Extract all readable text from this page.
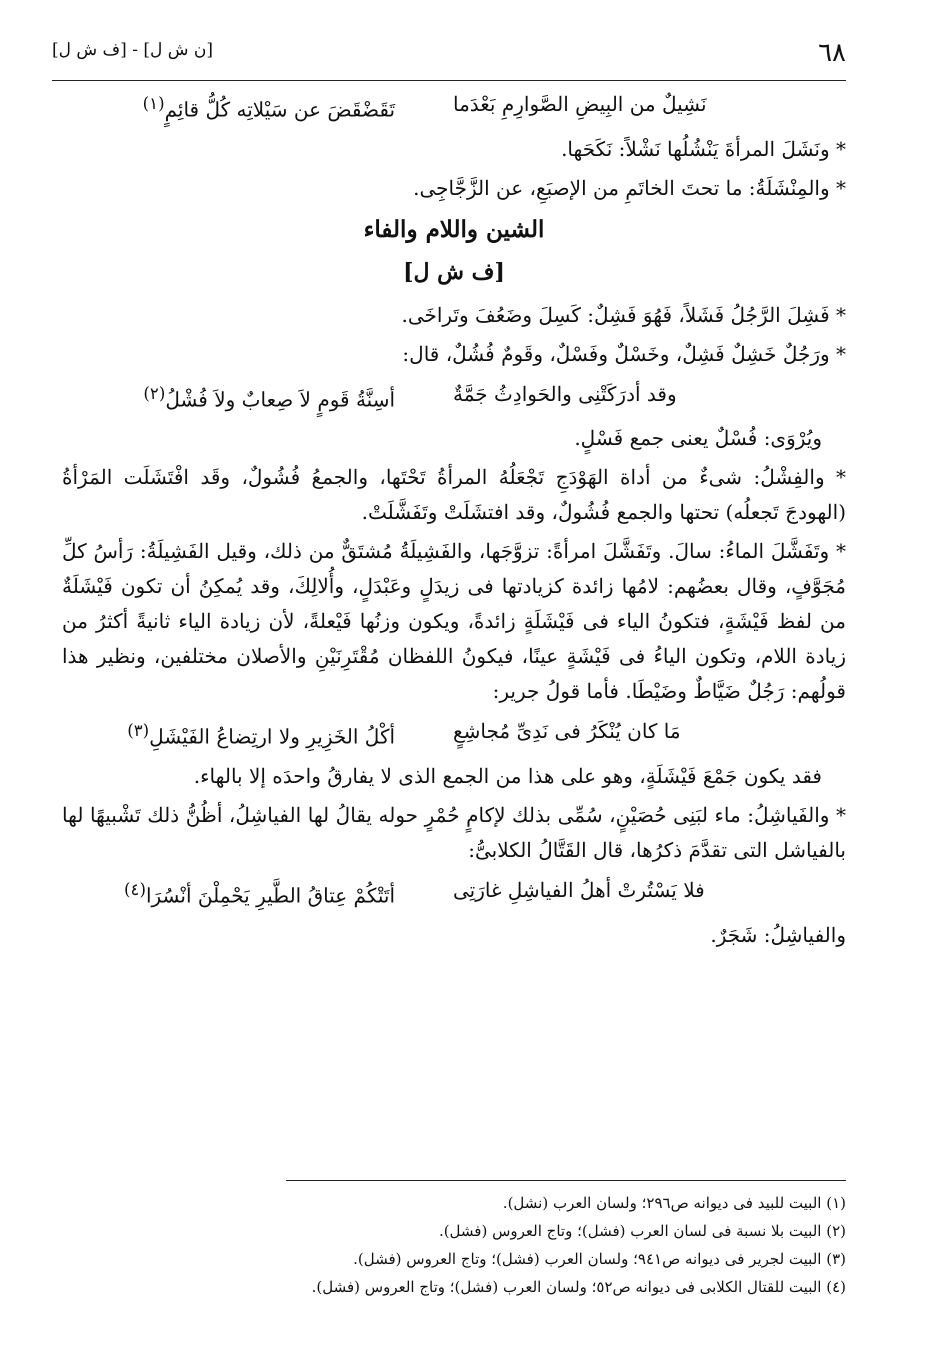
٦٨
[ن ش ل] - [ف ش ل]
نَشِيلٌ من البِيضِ الصَّوارِمِ بَعْدَما
تَقَضْقَضَ عن سَيْلاتِه كُلُّ قائِمٍ$^{(١)}$

* ونَشَلَ المرأةَ يَنْشُلُها نَشْلاً: نَكَحَها.

* والمِنْشَلَةُ: ما تحتَ الخاتَمِ من الإصبَعِ، عن الزَّجَّاجِى.

الشين واللام والفاء
[ف ش ل]

* فَشِلَ الرَّجُلُ فَشَلاً، فَهُوَ فَشِلٌ: كَسِلَ وضَعُفَ وتَراخَى.

* ورَجُلٌ خَشِلٌ فَشِلٌ، وخَسْلٌ وفَسْلٌ، وقَومٌ فُشُلٌ، قال:

وقد أدرَكَتْنِى والحَوادِثُ جَمَّةٌ
أسِنَّةُ قَومٍ لاَ صِعابٌ ولاَ فُشْلُ$^{(٢)}$

ويُرْوَى: فُسْلٌ يعنى جمع فَسْلٍ.

* والفِشْلُ: شىءٌ من أداة الهَوْدَجِ تَجْعَلُهُ المرأةُ تَحْتَها، والجمعُ فُشُولٌ، وقَد افْتَشَلَت المَرْأةُ (الهودجَ تَجعلُه) تحتها والجمع فُشُولٌ، وقد افتشَلَتْ وتَفَشَّلَتْ.

* وتَفَشَّلَ الماءُ: سالَ. وتَفَشَّلَ امرأةً: تزوَّجَها، والفَشِيلَةُ مُشتَقٌّ من ذلك، وقيل الفَشِيلَةُ: رَأسُ كلِّ مُجَوَّفٍ، وقال بعضُهم: لامُها زائدة كزيادتها فى زيدَلٍ وعَبْدَلٍ، وأُلالِكَ، وقد يُمكِنُ أن تكون فَيْشَلَةٌ من لفظ فَيْشَةٍ، فتكونُ الياء فى فَيْشَلَةٍ زائدةً، ويكون وزنُها فَيْعلةً، لأن زيادة الياء ثانيةً أكثرُ من زيادة اللام، وتكون الياءُ فى فَيْشَةٍ عينًا، فيكونُ اللفظان مُقْتَرِنَيْنِ والأصلان مختلفين، ونظير هذا قولُهم: رَجُلٌ ضَيَّاطٌ وضَيْطَا. فأما قولُ جرير:

مَا كان يُنْكَرُ فى نَدِىِّ مُجاشِعٍ
أكْلُ الخَزِيرِ ولا ارتِضاعُ الفَيْشَلِ$^{(٣)}$

فقد يكون جَمْعَ فَيْشَلَةٍ، وهو على هذا من الجمع الذى لا يفارقُ واحدَه إلا بالهاء.

* والفَياشِلُ: ماء لبَنِى حُصَيْنٍ، سُمِّى بذلك لإكامٍ حُمْرٍ حوله يقالُ لها الفياشِلُ، أظُنُّ ذلك تَشْبيهًا لها بالفياشل التى تقدَّمَ ذكرُها، قال القَتَّالُ الكلابىُّ:

فلا يَسْتُرتْ أهلُ الفياشِلِ غارَتِى
أتَتْكُمْ عِتاقُ الطَّيرِ يَحْمِلْنَ أنْسُرَا$^{(٤)}$

والفياشِلُ: شَجَرٌ.

(١) البيت للبيد فى ديوانه ص٢٩٦؛ ولسان العرب (نشل).

(٢) البيت بلا نسبة فى لسان العرب (فشل)؛ وتاج العروس (فشل).

(٣) البيت لجرير فى ديوانه ص٩٤١؛ ولسان العرب (فشل)؛ وتاج العروس (فشل).

(٤) البيت للقتال الكلابى فى ديوانه ص٥٢؛ ولسان العرب (فشل)؛ وتاج العروس (فشل).
